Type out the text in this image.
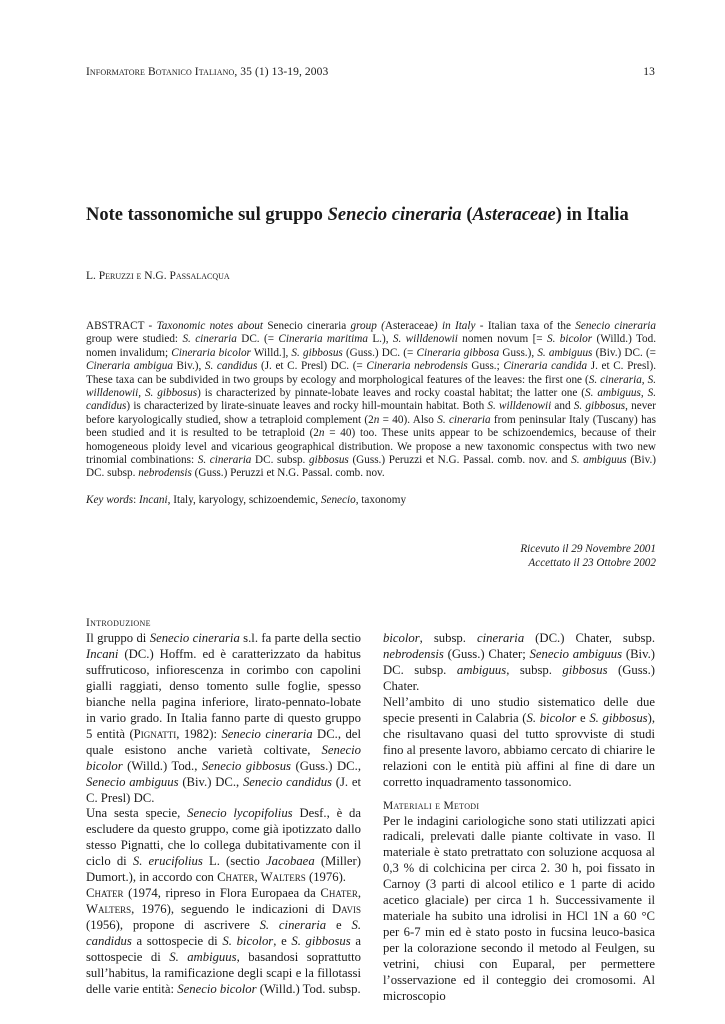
Informatore Botanico Italiano, 35 (1) 13-19, 2003	13
Note tassonomiche sul gruppo Senecio cineraria (Asteraceae) in Italia
L. Peruzzi e N.G. Passalacqua
ABSTRACT - Taxonomic notes about Senecio cineraria group (Asteraceae) in Italy - Italian taxa of the Senecio cineraria group were studied: S. cineraria DC. (= Cineraria maritima L.), S. willdenowii nomen novum [= S. bicolor (Willd.) Tod. nomen invalidum; Cineraria bicolor Willd.], S. gibbosus (Guss.) DC. (= Cineraria gibbosa Guss.), S. ambiguus (Biv.) DC. (= Cineraria ambigua Biv.), S. candidus (J. et C. Presl) DC. (= Cineraria nebrodensis Guss.; Cineraria candida J. et C. Presl). These taxa can be subdivided in two groups by ecology and morphological features of the leaves: the first one (S. cineraria, S. willdenowii, S. gibbosus) is characterized by pinnate-lobate leaves and rocky coastal habitat; the latter one (S. ambiguus, S. candidus) is characterized by lirate-sinuate leaves and rocky hill-mountain habitat. Both S. willdenowii and S. gibbosus, never before karyologically studied, show a tetraploid complement (2n = 40). Also S. cineraria from peninsular Italy (Tuscany) has been studied and it is resulted to be tetraploid (2n = 40) too. These units appear to be schizoendemics, because of their homogeneous ploidy level and vicarious geographical distribution. We propose a new taxonomic conspectus with two new trinomial combinations: S. cineraria DC. subsp. gibbosus (Guss.) Peruzzi et N.G. Passal. comb. nov. and S. ambiguus (Biv.) DC. subsp. nebrodensis (Guss.) Peruzzi et N.G. Passal. comb. nov.
Key words: Incani, Italy, karyology, schizoendemic, Senecio, taxonomy
Ricevuto il 29 Novembre 2001
Accettato il 23 Ottobre 2002
Introduzione

Il gruppo di Senecio cineraria s.l. fa parte della sectio Incani (DC.) Hoffm. ed è caratterizzato da habitus suffruticoso, infiorescenza in corimbo con capolini gialli raggiati, denso tomento sulle foglie, spesso bianche nella pagina inferiore, lirato-pennato-lobate in vario grado. In Italia fanno parte di questo gruppo 5 entità (Pignatti, 1982): Senecio cineraria DC., del quale esistono anche varietà coltivate, Senecio bicolor (Willd.) Tod., Senecio gibbosus (Guss.) DC., Senecio ambiguus (Biv.) DC., Senecio candidus (J. et C. Presl) DC.

Una sesta specie, Senecio lycopifolius Desf., è da escludere da questo gruppo, come già ipotizzato dallo stesso Pignatti, che lo collega dubitativamente con il ciclo di S. erucifolius L. (sectio Jacobaea (Miller) Dumort.), in accordo con Chater, Walters (1976).

Chater (1974, ripreso in Flora Europaea da Chater, Walters, 1976), seguendo le indicazioni di Davis (1956), propone di ascrivere S. cineraria e S. candidus a sottospecie di S. bicolor, e S. gibbosus a sottospecie di S. ambiguus, basandosi soprattutto sull’habitus, la ramificazione degli scapi e la fillotassi delle varie entità: Senecio bicolor (Willd.) Tod. subsp.

bicolor, subsp. cineraria (DC.) Chater, subsp. nebrodensis (Guss.) Chater; Senecio ambiguus (Biv.) DC. subsp. ambiguus, subsp. gibbosus (Guss.) Chater.

Nell’ambito di uno studio sistematico delle due specie presenti in Calabria (S. bicolor e S. gibbosus), che risultavano quasi del tutto sprovviste di studi fino al presente lavoro, abbiamo cercato di chiarire le relazioni con le entità più affini al fine di dare un corretto inquadramento tassonomico.

Materiali e Metodi

Per le indagini cariologiche sono stati utilizzati apici radicali, prelevati dalle piante coltivate in vaso. Il materiale è stato pretrattato con soluzione acquosa al 0,3 % di colchicina per circa 2. 30 h, poi fissato in Carnoy (3 parti di alcool etilico e 1 parte di acido acetico glaciale) per circa 1 h. Successivamente il materiale ha subito una idrolisi in HCl 1N a 60 °C per 6-7 min ed è stato posto in fucsina leuco-basica per la colorazione secondo il metodo al Feulgen, su vetrini, chiusi con Euparal, per permettere l’osservazione ed il conteggio dei cromosomi. Al microscopio
